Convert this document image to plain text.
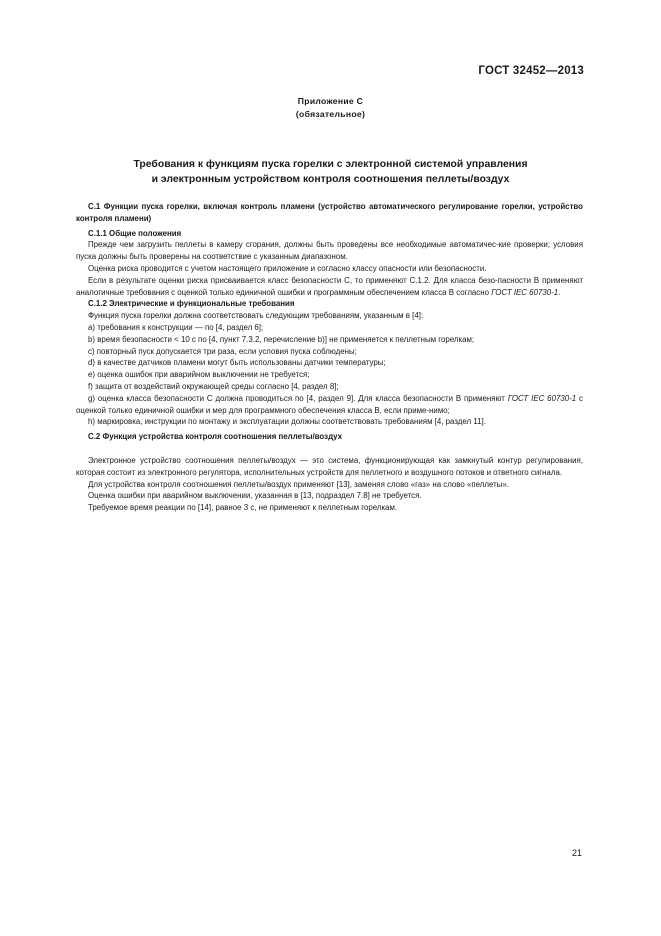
ГОСТ 32452—2013
Приложение С
(обязательное)
Требования к функциям пуска горелки с электронной системой управления
и электронным устройством контроля соотношения пеллеты/воздух

С.1 Функции пуска горелки, включая контроль пламени (устройство автоматического регулирование горелки, устройство контроля пламени)

С.1.1 Общие положения

Прежде чем загрузить пеллеты в камеру сгорания, должны быть проведены все необходимые автоматичес-кие проверки; условия пуска должны быть проверены на соответствие с указанным диапазоном.

Оценка риска проводится с учетом настоящего приложение и согласно классу опасности или безопасности.

Если в результате оценки риска присваивается класс безопасности С, то применяют С.1.2. Для класса безо-пасности В применяют аналогичные требования с оценкой только единичной ошибки и программным обеспечением класса В согласно ГОСТ IEC 60730-1.

С.1.2 Электрические и функциональные требования

Функция пуска горелки должна соответствовать следующим требованиям, указанным в [4]:

a) требования к конструкции — по [4, раздел 6];

b) время безопасности < 10 с по [4, пункт 7.3.2, перечисление b)] не применяется к пеллетным горелкам;

c) повторный пуск допускается три раза, если условия пуска соблюдены;

d) в качестве датчиков пламени могут быть использованы датчики температуры;

e) оценка ошибок при аварийном выключении не требуется;

f) защита от воздействий окружающей среды согласно [4, раздел 8];

g) оценка класса безопасности С должна проводиться по [4, раздел 9]. Для класса безопасности В применяют ГОСТ IEC 60730-1 с оценкой только единичной ошибки и мер для программного обеспечения класса В, если приме-нимо;

h) маркировка, инструкции по монтажу и эксплуатации должны соответствовать требованиям [4, раздел 11].

С.2 Функция устройства контроля соотношения пеллеты/воздух

Электронное устройство соотношения пеллеты/воздух — это система, функционирующая как замкнутый контур регулирования, которая состоит из электронного регулятора, исполнительных устройств для пеллетного и воздушного потоков и ответного сигнала.

Для устройства контроля соотношения пеллеты/воздух применяют [13], заменяя слово «газ» на слово «пеллеты».

Оценка ошибки при аварийном выключении, указанная в [13, подраздел 7.8] не требуется.

Требуемое время реакции по [14], равное 3 с, не применяют к пеллетным горелкам.

21
